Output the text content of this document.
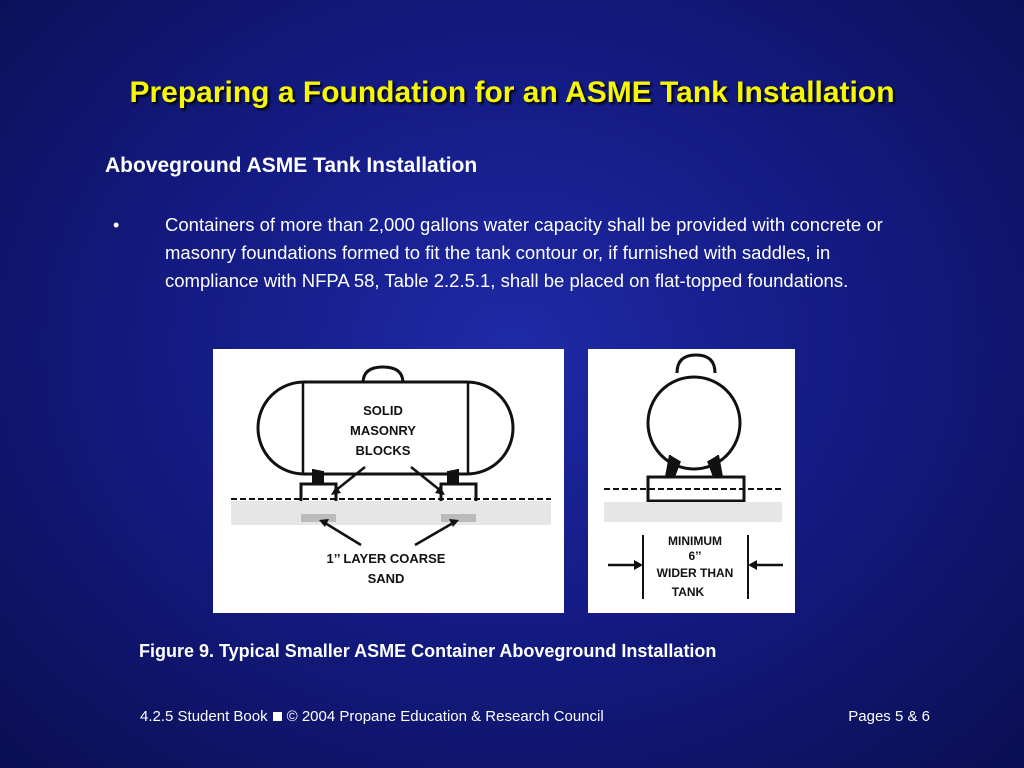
Preparing a Foundation for an ASME Tank Installation
Aboveground ASME Tank Installation
•	Containers of more than 2,000 gallons water capacity shall be provided with concrete or masonry foundations formed to fit the tank contour or, if furnished with saddles, in compliance with NFPA 58, Table 2.2.5.1, shall be placed on flat-topped foundations.
SOLID
MASONRY
BLOCKS
1’’ LAYER COARSE
SAND
MINIMUM
6’’
WIDER THAN
TANK
Figure 9. Typical Smaller ASME Container Aboveground Installation
4.2.5 Student Book © 2004 Propane Education & Research Council	Pages 5 & 6
